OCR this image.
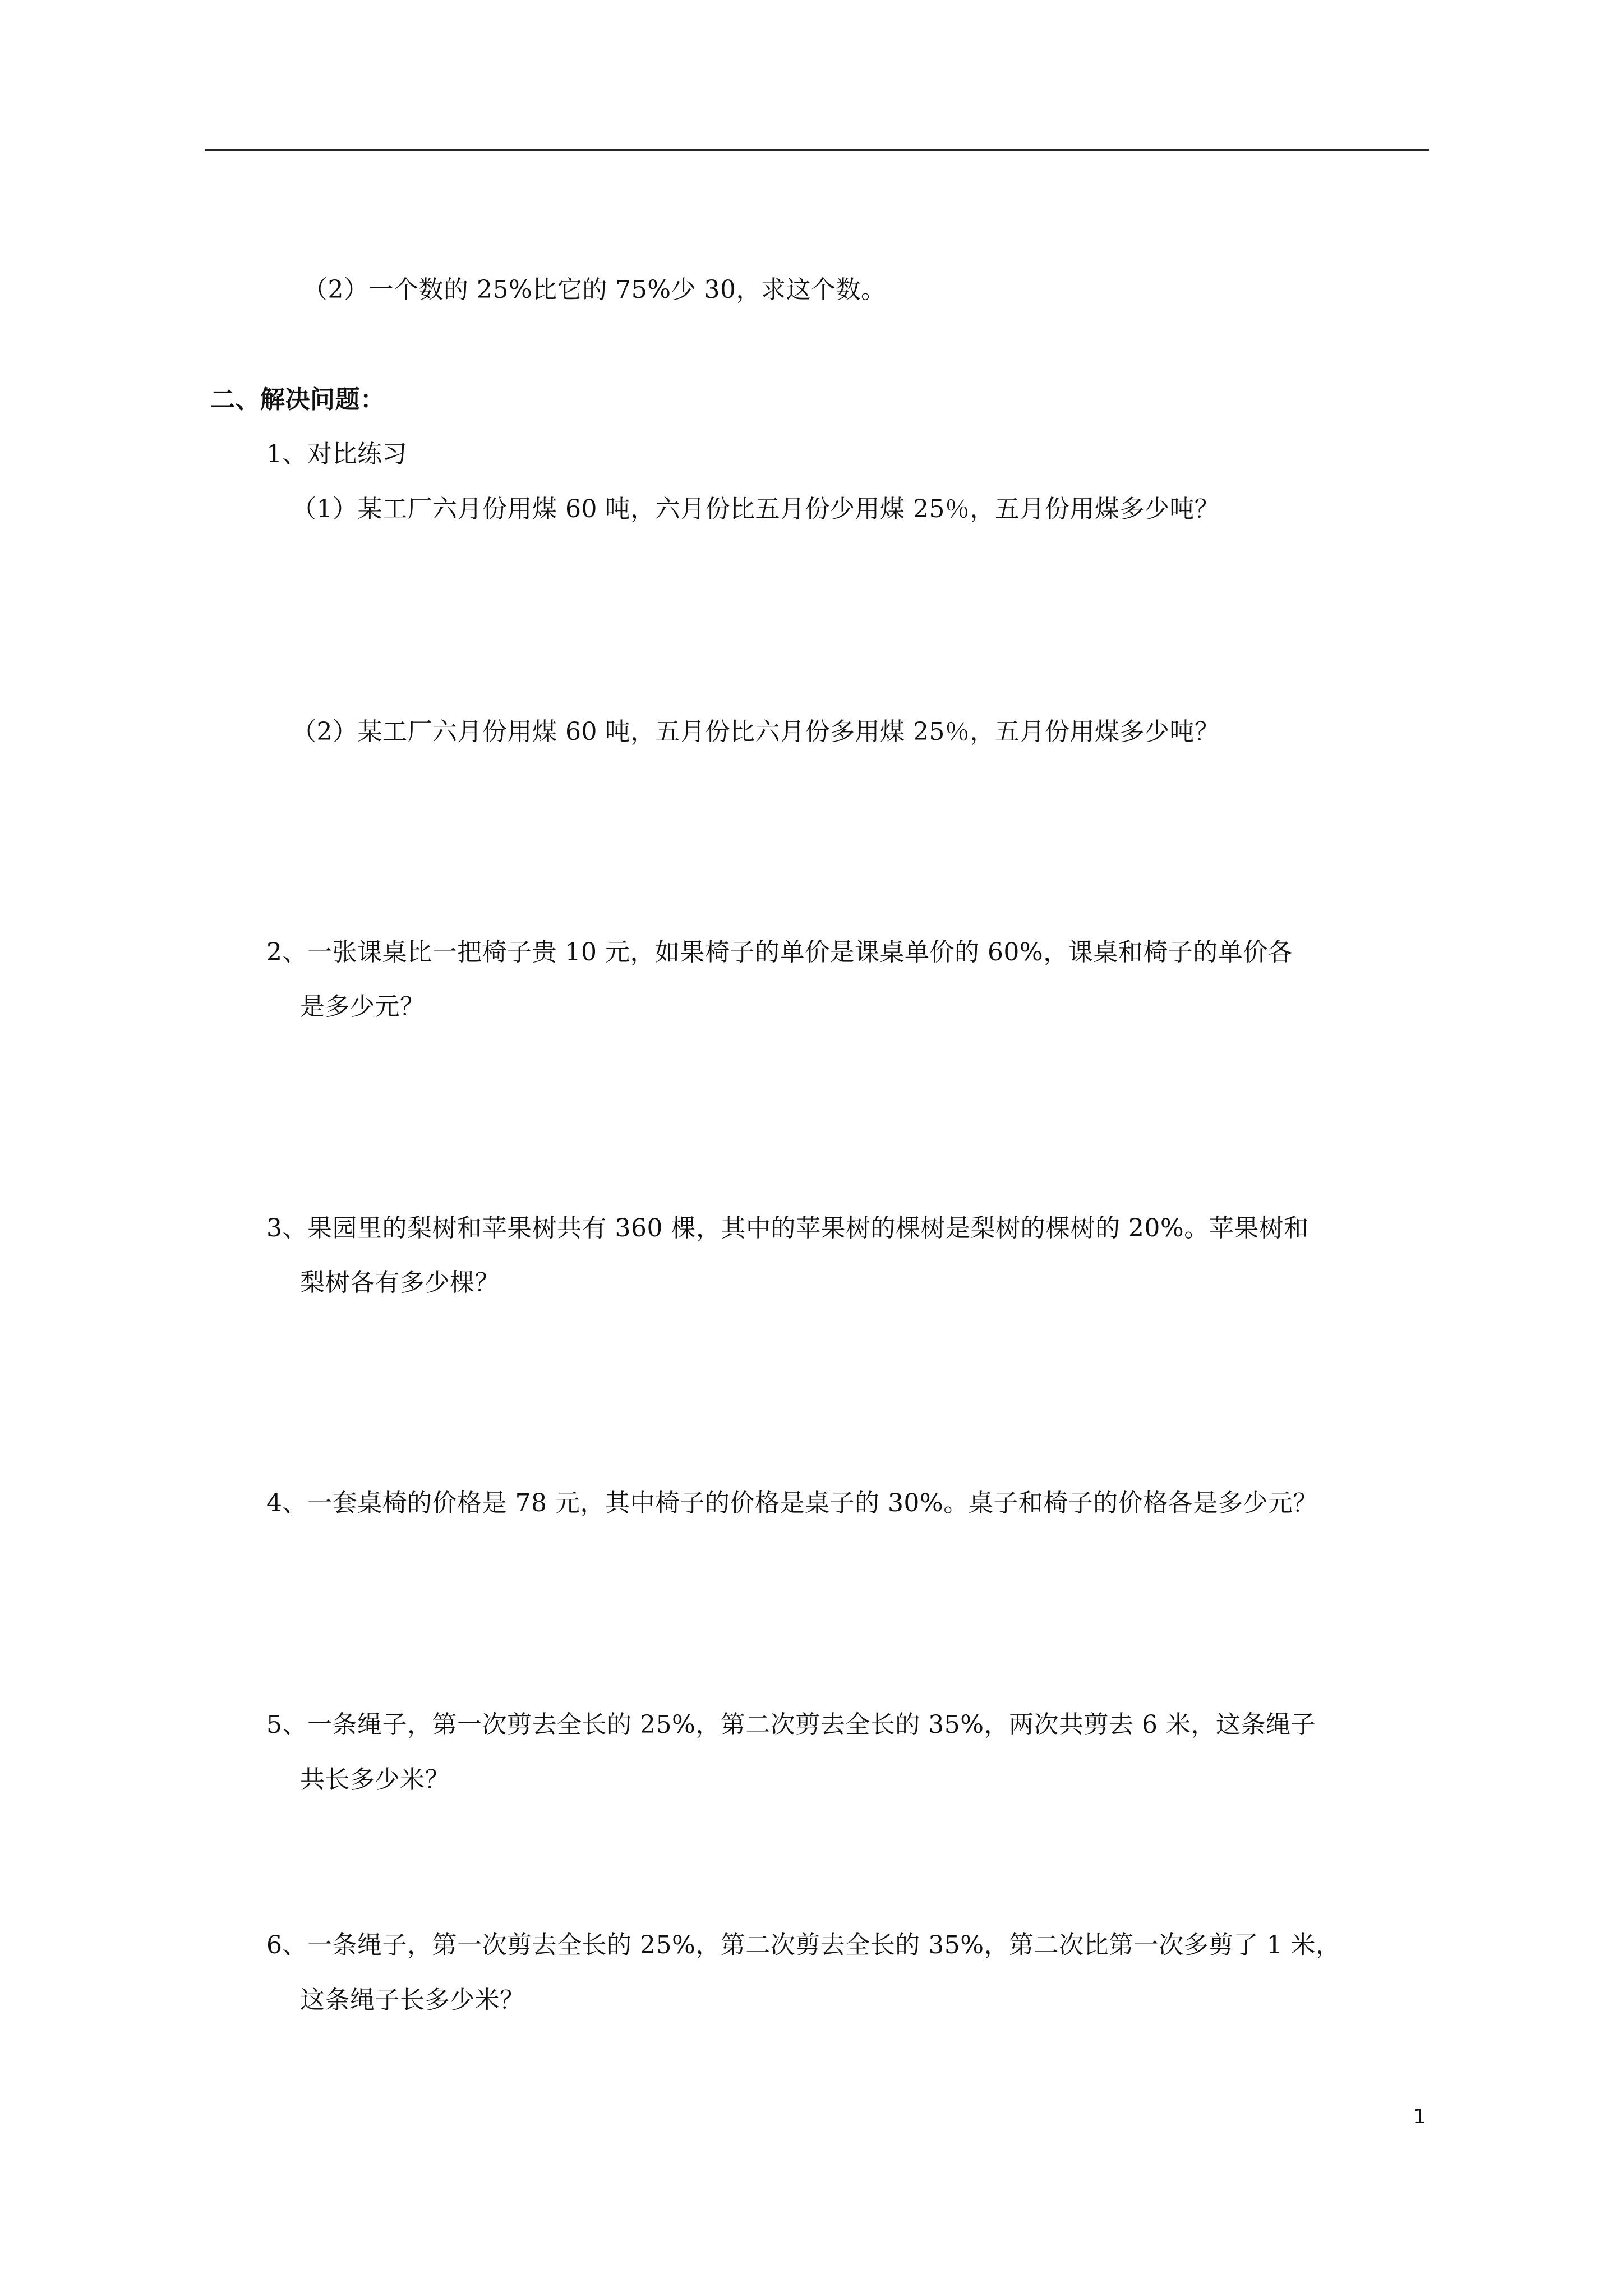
（2）一个数的 25%比它的 75%少 30，求这个数。
二、解决问题：
1、对比练习
（1）某工厂六月份用煤 60 吨，六月份比五月份少用煤 25％，五月份用煤多少吨？
（2）某工厂六月份用煤 60 吨，五月份比六月份多用煤 25％，五月份用煤多少吨？
2、一张课桌比一把椅子贵 10 元，如果椅子的单价是课桌单价的 60%，课桌和椅子的单价各
是多少元？
3、果园里的梨树和苹果树共有 360 棵，其中的苹果树的棵树是梨树的棵树的 20%。苹果树和
梨树各有多少棵？
4、一套桌椅的价格是 78 元，其中椅子的价格是桌子的 30%。桌子和椅子的价格各是多少元？
5、一条绳子，第一次剪去全长的 25%，第二次剪去全长的 35%，两次共剪去 6 米，这条绳子
共长多少米？
6、一条绳子，第一次剪去全长的 25%，第二次剪去全长的 35%，第二次比第一次多剪了 1 米，
这条绳子长多少米？
1
